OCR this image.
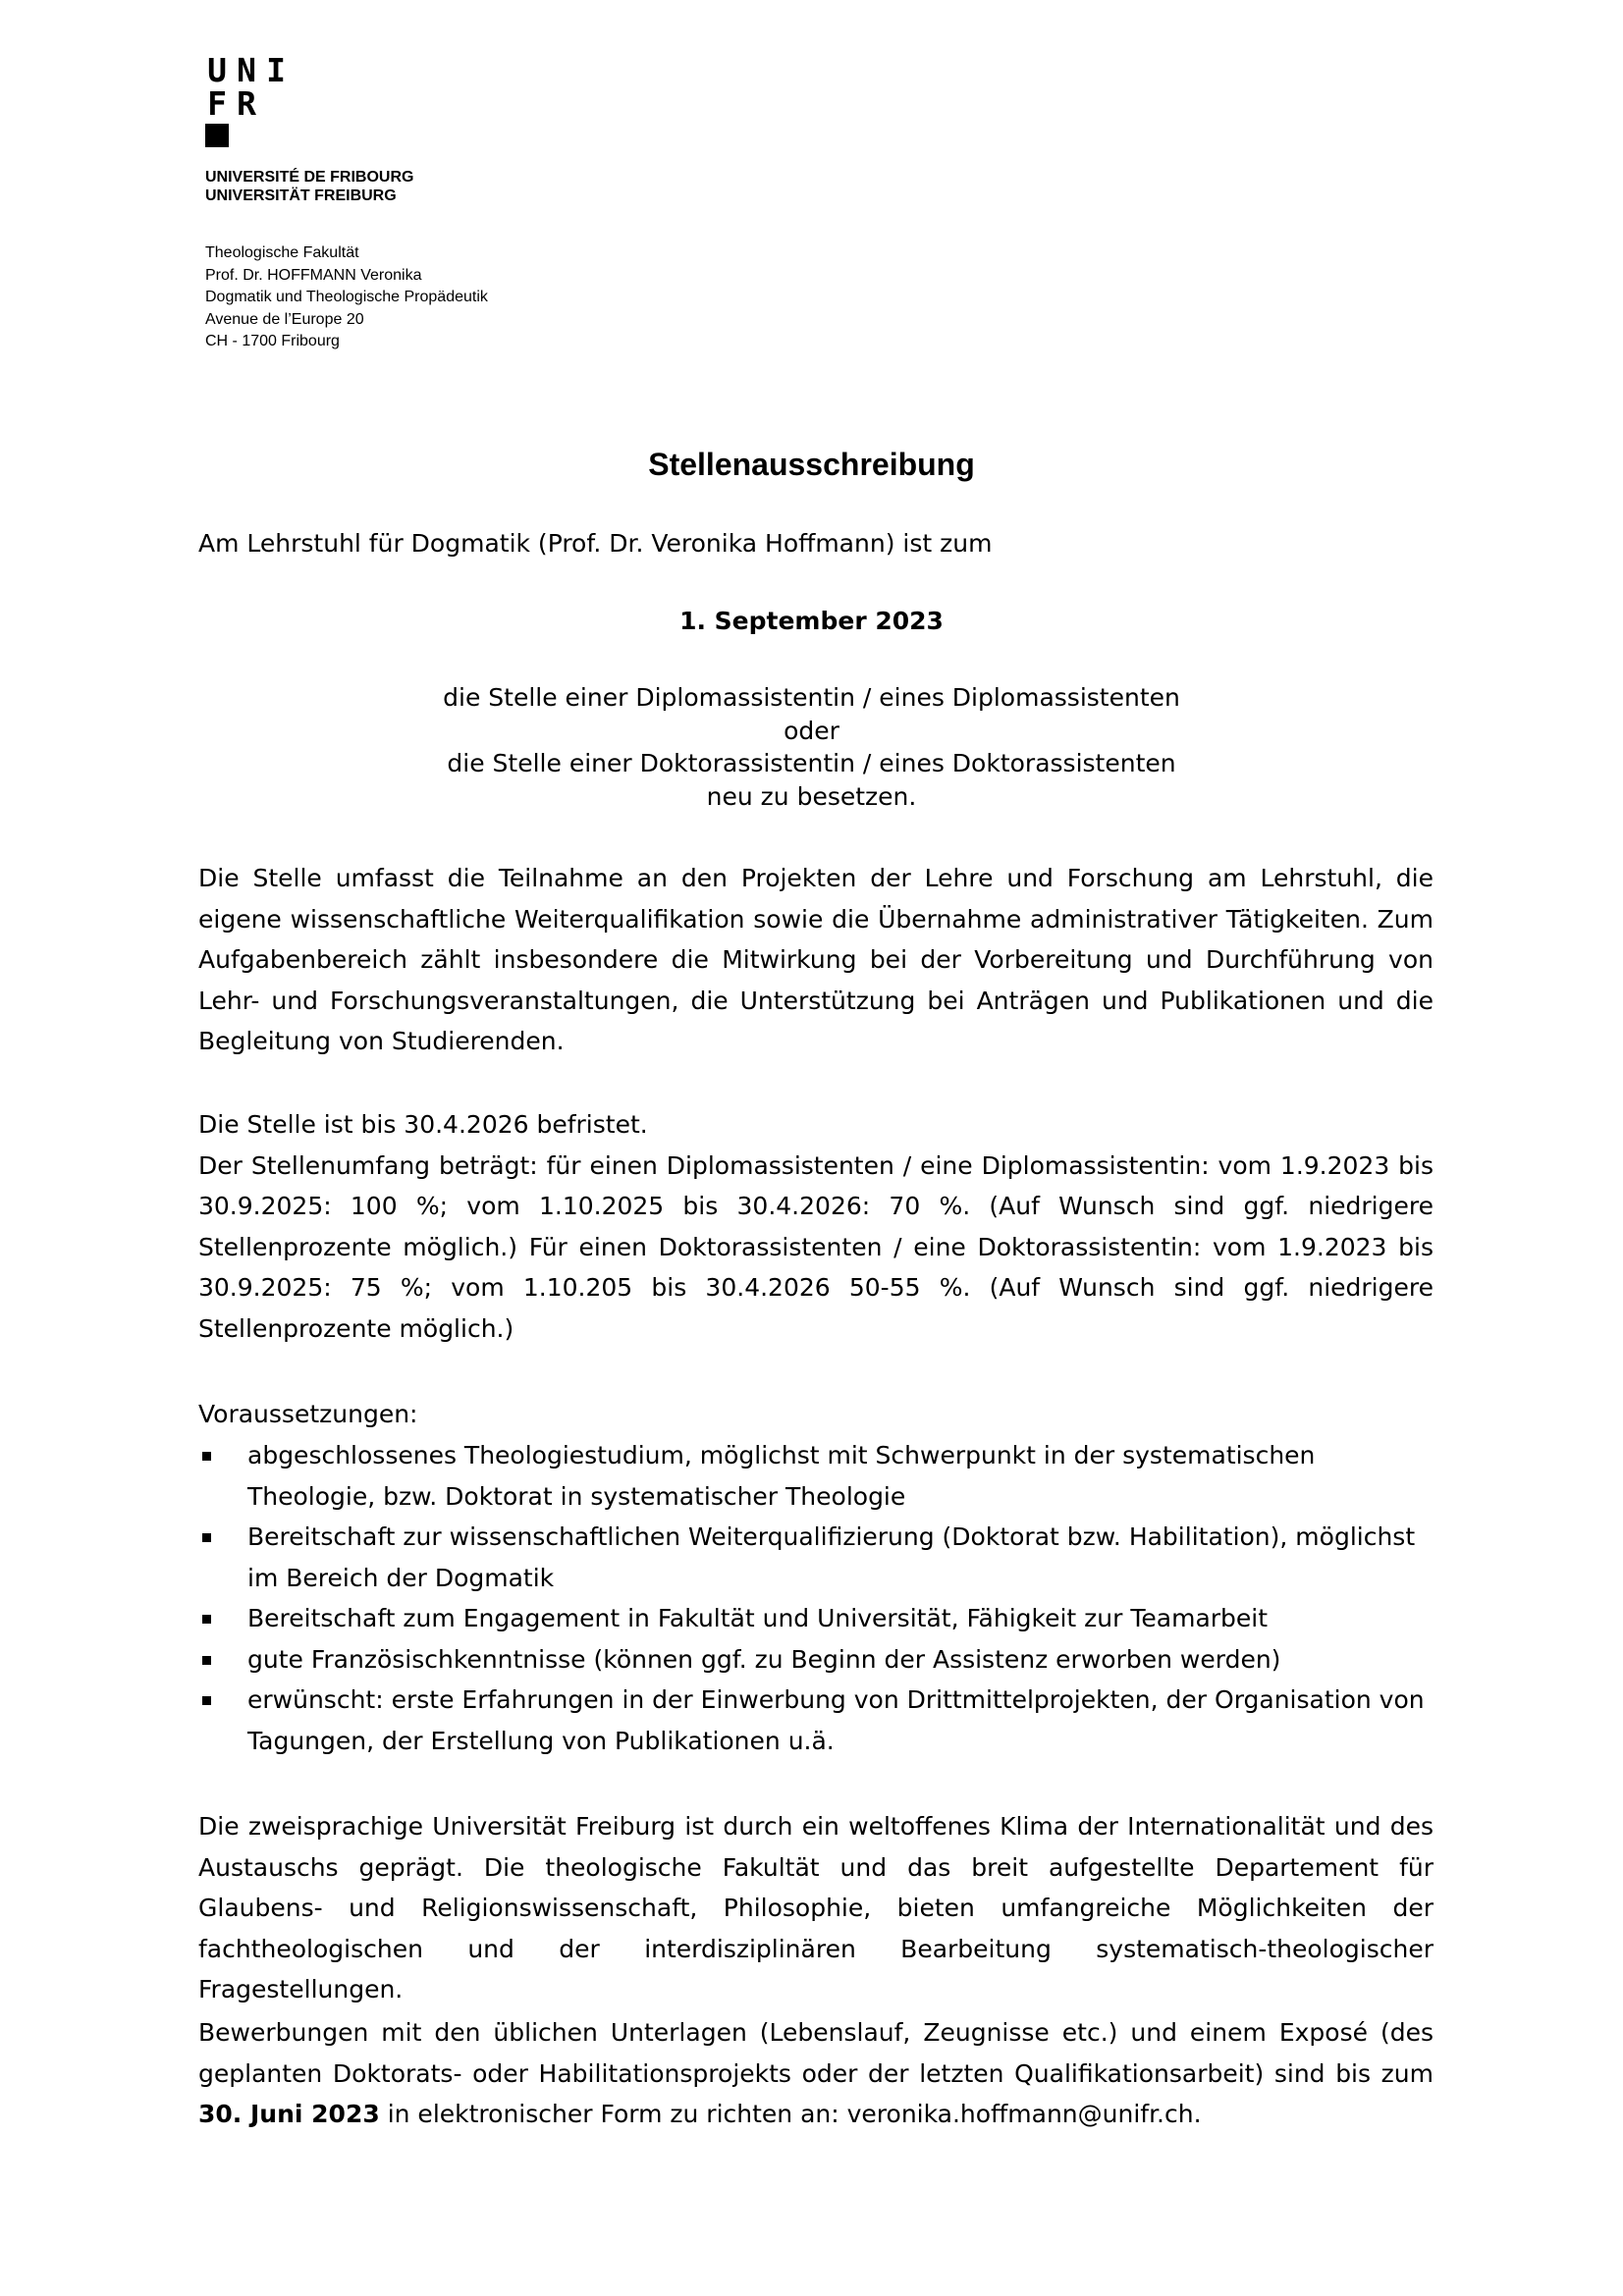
U N I
F R
UNIVERSITÉ DE FRIBOURG
UNIVERSITÄT FREIBURG
Theologische Fakultät
Prof. Dr. HOFFMANN Veronika
Dogmatik und Theologische Propädeutik
Avenue de l’Europe 20
CH - 1700 Fribourg
Stellenausschreibung
Am Lehrstuhl für Dogmatik (Prof. Dr. Veronika Hoffmann) ist zum
1. September 2023
die Stelle einer Diplomassistentin / eines Diplomassistenten
oder
die Stelle einer Doktorassistentin / eines Doktorassistenten
neu zu besetzen.

Die Stelle umfasst die Teilnahme an den Projekten der Lehre und Forschung am Lehrstuhl, die eigene wissenschaftliche Weiterqualifikation sowie die Übernahme administrativer Tätigkeiten. Zum Aufgabenbereich zählt insbesondere die Mitwirkung bei der Vorbereitung und Durchführung von Lehr- und Forschungsveranstaltungen, die Unterstützung bei Anträgen und Publikationen und die Begleitung von Studierenden.

Die Stelle ist bis 30.4.2026 befristet.

Der Stellenumfang beträgt: für einen Diplomassistenten / eine Diplomassistentin: vom 1.9.2023 bis 30.9.2025: 100 %; vom 1.10.2025 bis 30.4.2026: 70 %. (Auf Wunsch sind ggf. niedrigere Stellenprozente möglich.) Für einen Doktorassistenten / eine Doktorassistentin: vom 1.9.2023 bis 30.9.2025: 75 %; vom 1.10.205 bis 30.4.2026 50-55 %. (Auf Wunsch sind ggf. niedrigere Stellenprozente möglich.)

Voraussetzungen:
abgeschlossenes Theologiestudium, möglichst mit Schwerpunkt in der systematischen Theologie, bzw. Doktorat in systematischer Theologie
Bereitschaft zur wissenschaftlichen Weiterqualifizierung (Doktorat bzw. Habilitation), möglichst im Bereich der Dogmatik
Bereitschaft zum Engagement in Fakultät und Universität, Fähigkeit zur Teamarbeit
gute Französischkenntnisse (können ggf. zu Beginn der Assistenz erworben werden)
erwünscht: erste Erfahrungen in der Einwerbung von Drittmittelprojekten, der Organisation von Tagungen, der Erstellung von Publikationen u.ä.

Die zweisprachige Universität Freiburg ist durch ein weltoffenes Klima der Internationalität und des Austauschs geprägt. Die theologische Fakultät und das breit aufgestellte Departement für Glaubens- und Religionswissenschaft, Philosophie, bieten umfangreiche Möglichkeiten der fachtheologischen und der interdisziplinären Bearbeitung systematisch-theologischer Fragestellungen.

Bewerbungen mit den üblichen Unterlagen (Lebenslauf, Zeugnisse etc.) und einem Exposé (des geplanten Doktorats- oder Habilitationsprojekts oder der letzten Qualifikationsarbeit) sind bis zum 30. Juni 2023 in elektronischer Form zu richten an: veronika.hoffmann@unifr.ch.
